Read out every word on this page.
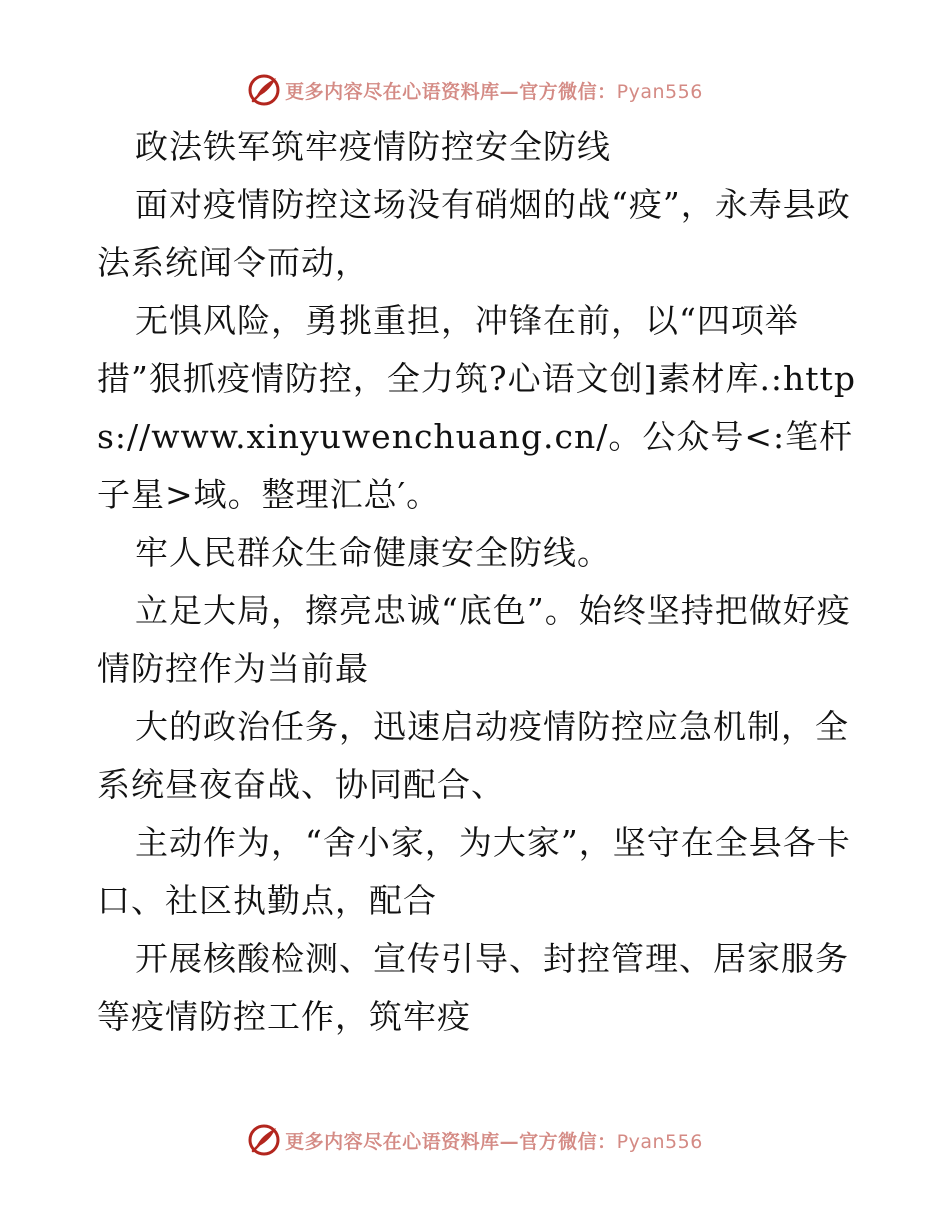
更多内容尽在心语资料库—官方微信：Pyan556

政法铁军筑牢疫情防控安全防线

面对疫情防控这场没有硝烟的战“疫”，永寿县政法系统闻令而动，

无惧风险，勇挑重担，冲锋在前，以“四项举措”狠抓疫情防控，全力筑?心语文创]素材库.:https://www.xinyuwenchuang.cn/。公众号<:笔杆子星>域。整理汇总′。

牢人民群众生命健康安全防线。

立足大局，擦亮忠诚“底色”。始终坚持把做好疫情防控作为当前最

大的政治任务，迅速启动疫情防控应急机制，全系统昼夜奋战、协同配合、

主动作为，“舍小家，为大家”，坚守在全县各卡口、社区执勤点，配合

开展核酸检测、宣传引导、封控管理、居家服务等疫情防控工作，筑牢疫

更多内容尽在心语资料库—官方微信：Pyan556
